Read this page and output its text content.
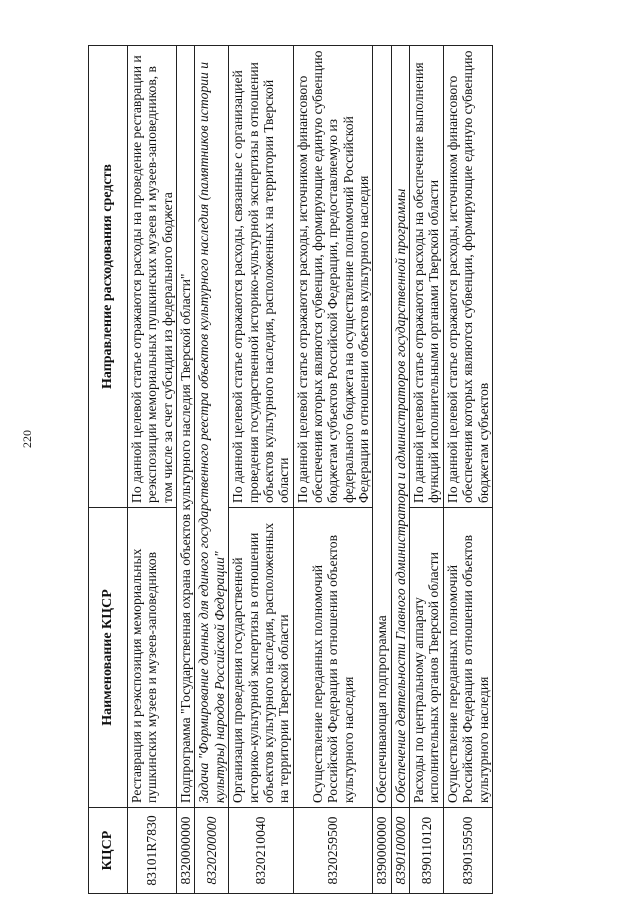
220
КЦСР	Наименование КЦСР	Направление расходования средств
83101R7830	Реставрация и реэкспозиция мемориальных пушкинских музеев и музеев-заповедников	По данной целевой статье отражаются расходы на проведение реставрации и реэкспозиции мемориальных пушкинских музеев и музеев-заповедников, в том числе за счет субсидии из федерального бюджета
8320000000	Подпрограмма "Государственная охрана объектов культурного наследия Тверской области"	
8320200000	Задача "Формирование данных для единого государственного реестра объектов культурного наследия (памятников истории и культуры) народов Российской Федерации"	
8320210040	Организация проведения государственной историко-культурной экспертизы в отношении объектов культурного наследия, расположенных на территории Тверской области	По данной целевой статье отражаются расходы, связанные с организацией проведения государственной историко-культурной экспертизы в отношении объектов культурного наследия, расположенных на территории Тверской области
8320259500	Осуществление переданных полномочий Российской Федерации в отношении объектов культурного наследия	По данной целевой статье отражаются расходы, источником финансового обеспечения которых являются субвенции, формирующие единую субвенцию бюджетам субъектов Российской Федерации, предоставляемую из федерального бюджета на осуществление полномочий Российской Федерации в отношении объектов культурного наследия
8390000000	Обеспечивающая подпрограмма	
8390100000	Обеспечение деятельности Главного администратора и администраторов государственной программы	
8390110120	Расходы по центральному аппарату исполнительных органов Тверской области	По данной целевой статье отражаются расходы на обеспечение выполнения функций исполнительными органами Тверской области
8390159500	Осуществление переданных полномочий Российской Федерации в отношении объектов культурного наследия	По данной целевой статье отражаются расходы, источником финансового обеспечения которых являются субвенции, формирующие единую субвенцию бюджетам субъектов
